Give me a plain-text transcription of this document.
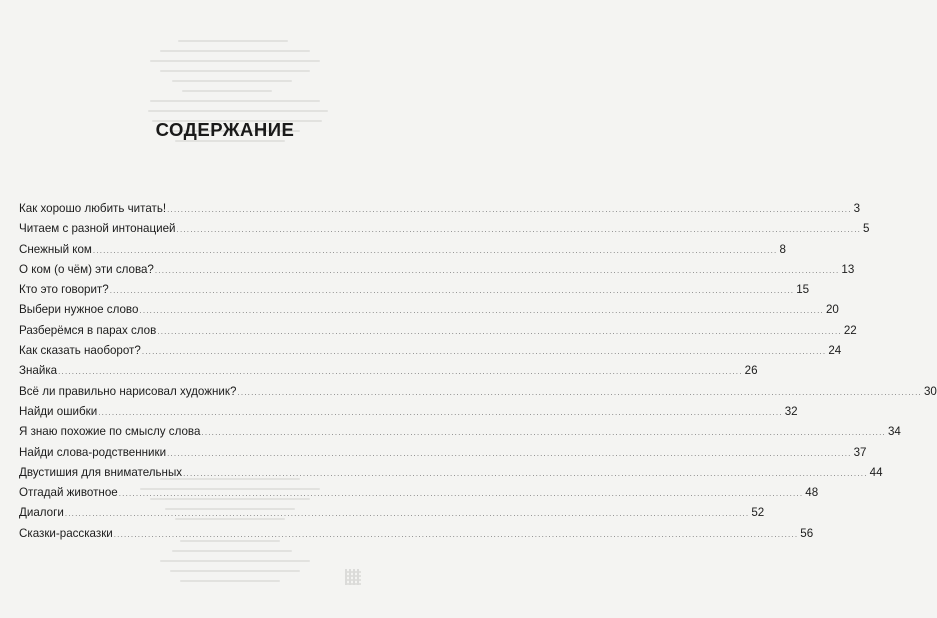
СОДЕРЖАНИЕ
Как хорошо любить читать! ........................................................................................................................................................................................................ 3
Читаем с разной интонацией ........................................................................................................................................................................................................ 5
Снежный ком ........................................................................................................................................................................................................ 8
О ком (о чём) эти слова? ........................................................................................................................................................................................................ 13
Кто это говорит? ........................................................................................................................................................................................................ 15
Выбери нужное слово ........................................................................................................................................................................................................ 20
Разберёмся в парах слов ........................................................................................................................................................................................................ 22
Как сказать наоборот? ........................................................................................................................................................................................................ 24
Знайка ........................................................................................................................................................................................................ 26
Всё ли правильно нарисовал художник? ........................................................................................................................................................................................................ 30
Найди ошибки ........................................................................................................................................................................................................ 32
Я знаю похожие по смыслу слова ........................................................................................................................................................................................................ 34
Найди слова-родственники ........................................................................................................................................................................................................ 37
Двустишия для внимательных ........................................................................................................................................................................................................ 44
Отгадай животное ........................................................................................................................................................................................................ 48
Диалоги ........................................................................................................................................................................................................ 52
Сказки-рассказки ........................................................................................................................................................................................................ 56
